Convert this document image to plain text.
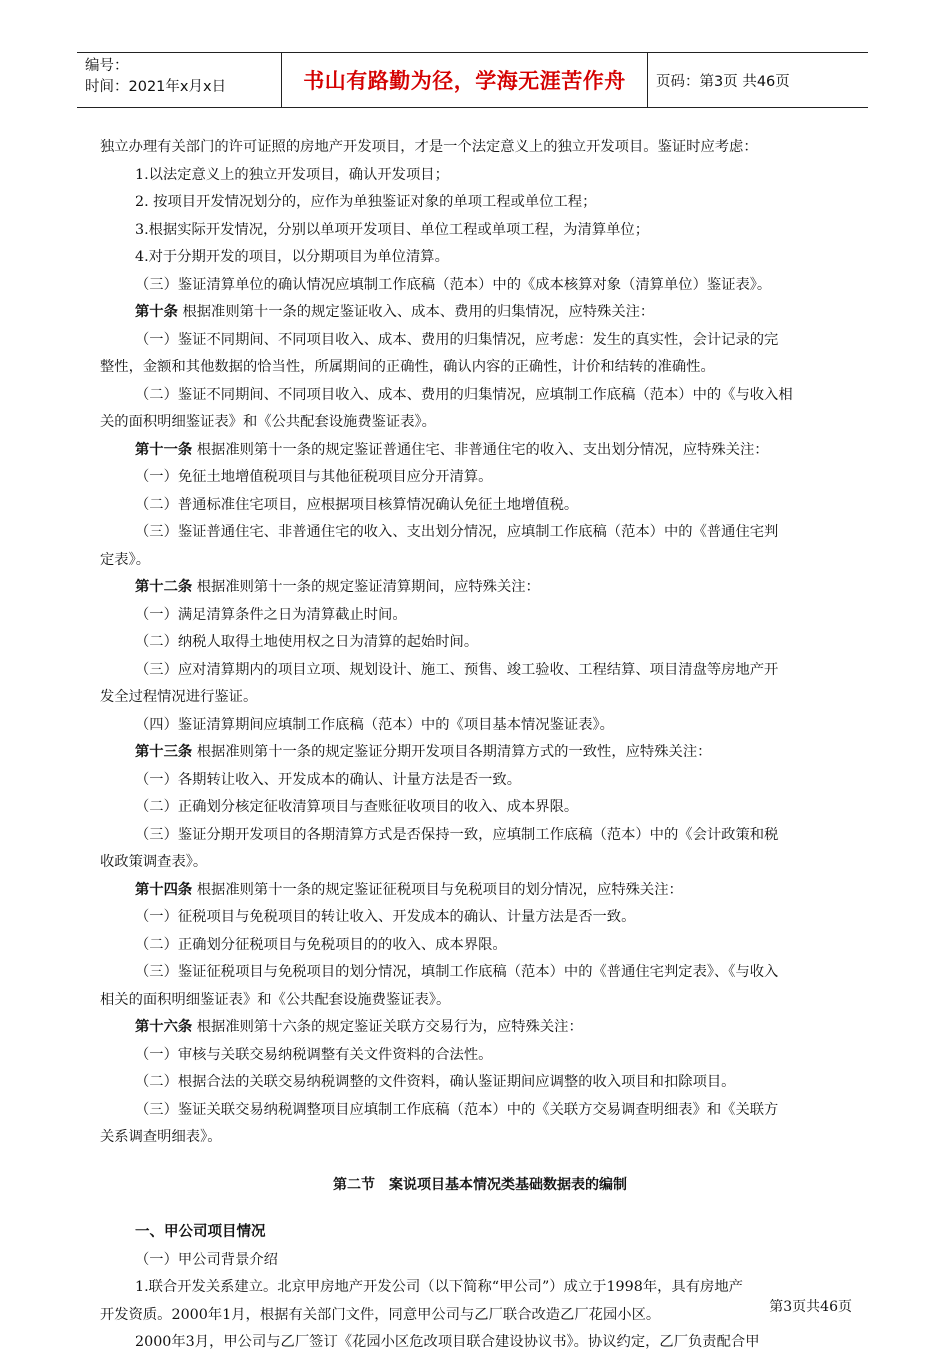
编号：
时间：2021年x月x日	书山有路勤为径，学海无涯苦作舟	页码：第3页 共46页

独立办理有关部门的许可证照的房地产开发项目，才是一个法定意义上的独立开发项目。鉴证时应考虑：

1.以法定意义上的独立开发项目，确认开发项目；

2. 按项目开发情况划分的，应作为单独鉴证对象的单项工程或单位工程；

3.根据实际开发情况，分别以单项开发项目、单位工程或单项工程，为清算单位；

4.对于分期开发的项目，以分期项目为单位清算。

（三）鉴证清算单位的确认情况应填制工作底稿（范本）中的《成本核算对象（清算单位）鉴证表》。

第十条 根据准则第十一条的规定鉴证收入、成本、费用的归集情况，应特殊关注：

（一）鉴证不同期间、不同项目收入、成本、费用的归集情况，应考虑：发生的真实性，会计记录的完

整性，金额和其他数据的恰当性，所属期间的正确性，确认内容的正确性，计价和结转的准确性。

（二）鉴证不同期间、不同项目收入、成本、费用的归集情况，应填制工作底稿（范本）中的《与收入相

关的面积明细鉴证表》和《公共配套设施费鉴证表》。

第十一条 根据准则第十一条的规定鉴证普通住宅、非普通住宅的收入、支出划分情况，应特殊关注：

（一）免征土地增值税项目与其他征税项目应分开清算。

（二）普通标准住宅项目，应根据项目核算情况确认免征土地增值税。

（三）鉴证普通住宅、非普通住宅的收入、支出划分情况，应填制工作底稿（范本）中的《普通住宅判

定表》。

第十二条 根据准则第十一条的规定鉴证清算期间，应特殊关注：

（一）满足清算条件之日为清算截止时间。

（二）纳税人取得土地使用权之日为清算的起始时间。

（三）应对清算期内的项目立项、规划设计、施工、预售、竣工验收、工程结算、项目清盘等房地产开

发全过程情况进行鉴证。

（四）鉴证清算期间应填制工作底稿（范本）中的《项目基本情况鉴证表》。

第十三条 根据准则第十一条的规定鉴证分期开发项目各期清算方式的一致性，应特殊关注：

（一）各期转让收入、开发成本的确认、计量方法是否一致。

（二）正确划分核定征收清算项目与查账征收项目的收入、成本界限。

（三）鉴证分期开发项目的各期清算方式是否保持一致，应填制工作底稿（范本）中的《会计政策和税

收政策调查表》。

第十四条 根据准则第十一条的规定鉴证征税项目与免税项目的划分情况，应特殊关注：

（一）征税项目与免税项目的转让收入、开发成本的确认、计量方法是否一致。

（二）正确划分征税项目与免税项目的的收入、成本界限。

（三）鉴证征税项目与免税项目的划分情况，填制工作底稿（范本）中的《普通住宅判定表》、《与收入

相关的面积明细鉴证表》和《公共配套设施费鉴证表》。

第十六条 根据准则第十六条的规定鉴证关联方交易行为，应特殊关注：

（一）审核与关联交易纳税调整有关文件资料的合法性。

（二）根据合法的关联交易纳税调整的文件资料，确认鉴证期间应调整的收入项目和扣除项目。

（三）鉴证关联交易纳税调整项目应填制工作底稿（范本）中的《关联方交易调查明细表》和《关联方

关系调查明细表》。

第二节　案说项目基本情况类基础数据表的编制
一、甲公司项目情况

（一）甲公司背景介绍

1.联合开发关系建立。北京甲房地产开发公司（以下简称“甲公司”）成立于1998年，具有房地产

开发资质。2000年1月，根据有关部门文件，同意甲公司与乙厂联合改造乙厂花园小区。

2000年3月，甲公司与乙厂签订《花园小区危改项目联合建设协议书》。协议约定，乙厂负责配合甲

第3页共46页
